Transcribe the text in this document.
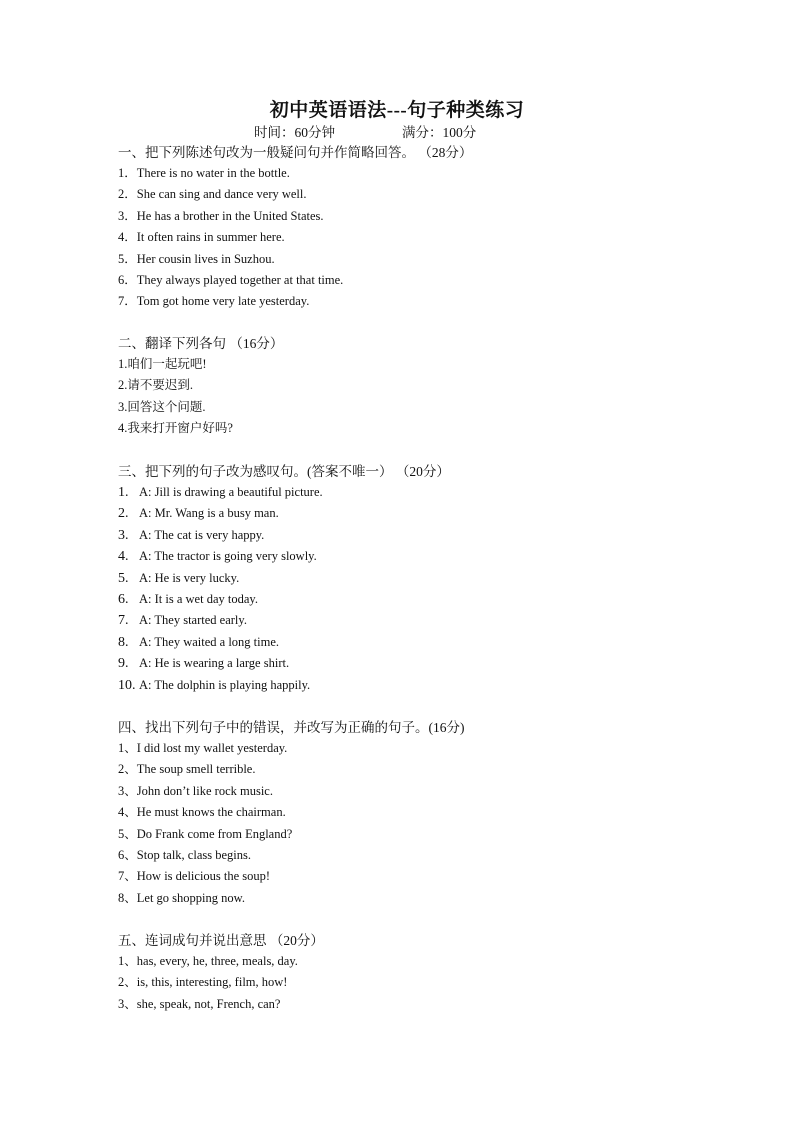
初中英语语法---句子种类练习
时间：60分钟	满分：100分
一、把下列陈述句改为一般疑问句并作简略回答。 （28分）
1．There is no water in the bottle.
2．She can sing and dance very well.
3．He has a brother in the United States.
4．It often rains in summer here.
5．Her cousin lives in Suzhou.
6．They always played together at that time.
7．Tom got home very late yesterday.
二、翻译下列各句 （16分）
1.咱们一起玩吧!
2.请不要迟到.
3.回答这个问题.
4.我来打开窗户好吗?
三、把下列的句子改为感叹句。(答案不唯一） （20分）
1. A: Jill is drawing a beautiful picture.
2. A: Mr. Wang is a busy man.
3. A: The cat is very happy.
4. A: The tractor is going very slowly.
5. A: He is very lucky.
6. A: It is a wet day today.
7. A: They started early.
8. A: They waited a long time.
9. A: He is wearing a large shirt.
10. A: The dolphin is playing happily.
四、找出下列句子中的错误，并改写为正确的句子。(16分)
1、I did lost my wallet yesterday.
2、The soup smell terrible.
3、John don’t like rock music.
4、He must knows the chairman.
5、Do Frank come from England?
6、Stop talk, class begins.
7、How is delicious the soup!
8、Let go shopping now.
五、连词成句并说出意思 （20分）
1、has, every, he, three, meals, day.
2、is, this, interesting, film, how!
3、she, speak, not, French, can?
